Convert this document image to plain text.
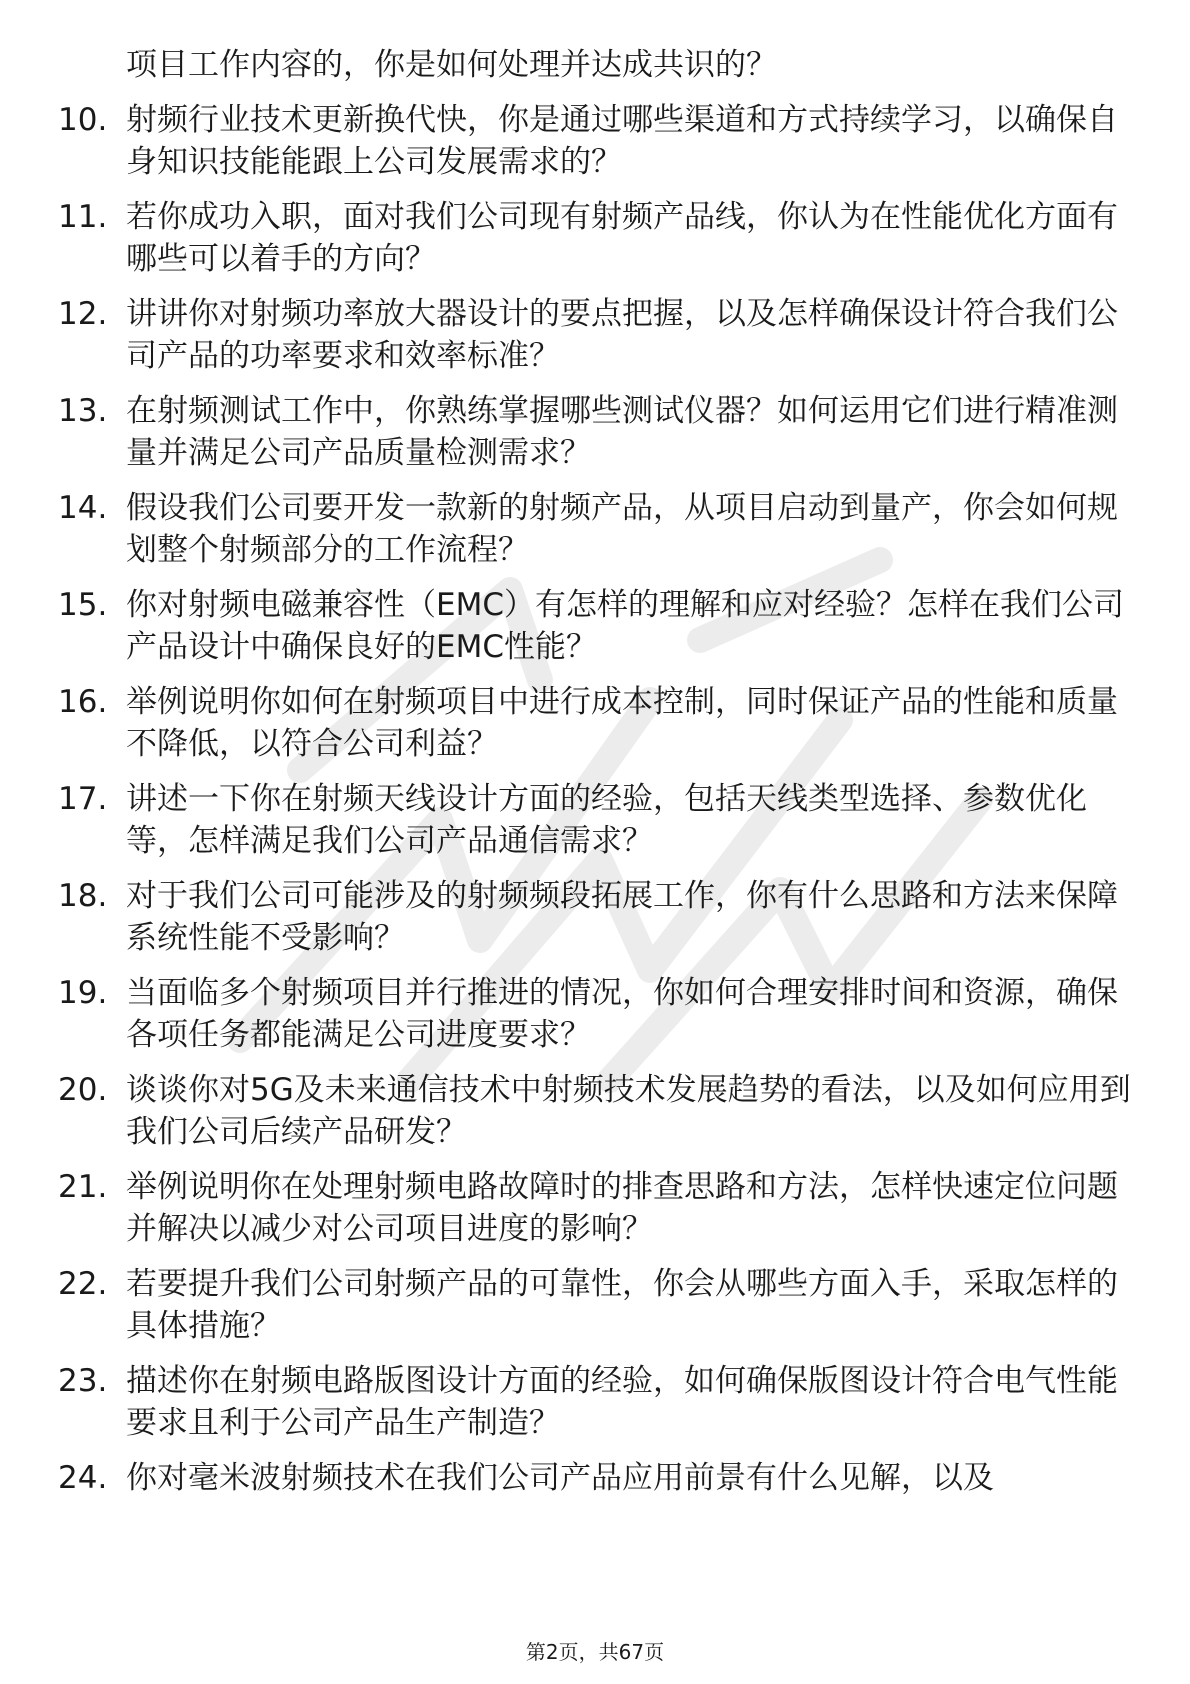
项目工作内容的，你是如何处理并达成共识的？

10. 射频行业技术更新换代快，你是通过哪些渠道和方式持续学习，以确保自身知识技能能跟上公司发展需求的？

11. 若你成功入职，面对我们公司现有射频产品线，你认为在性能优化方面有哪些可以着手的方向？

12. 讲讲你对射频功率放大器设计的要点把握，以及怎样确保设计符合我们公司产品的功率要求和效率标准？

13. 在射频测试工作中，你熟练掌握哪些测试仪器？如何运用它们进行精准测量并满足公司产品质量检测需求？

14. 假设我们公司要开发一款新的射频产品，从项目启动到量产，你会如何规划整个射频部分的工作流程？

15. 你对射频电磁兼容性（EMC）有怎样的理解和应对经验？怎样在我们公司产品设计中确保良好的EMC性能？

16. 举例说明你如何在射频项目中进行成本控制，同时保证产品的性能和质量不降低，以符合公司利益？

17. 讲述一下你在射频天线设计方面的经验，包括天线类型选择、参数优化等，怎样满足我们公司产品通信需求？

18. 对于我们公司可能涉及的射频频段拓展工作，你有什么思路和方法来保障系统性能不受影响？

19. 当面临多个射频项目并行推进的情况，你如何合理安排时间和资源，确保各项任务都能满足公司进度要求？

20. 谈谈你对5G及未来通信技术中射频技术发展趋势的看法，以及如何应用到我们公司后续产品研发？

21. 举例说明你在处理射频电路故障时的排查思路和方法，怎样快速定位问题并解决以减少对公司项目进度的影响？

22. 若要提升我们公司射频产品的可靠性，你会从哪些方面入手，采取怎样的具体措施？

23. 描述你在射频电路版图设计方面的经验，如何确保版图设计符合电气性能要求且利于公司产品生产制造？

24. 你对毫米波射频技术在我们公司产品应用前景有什么见解，以及

第2页，共67页
